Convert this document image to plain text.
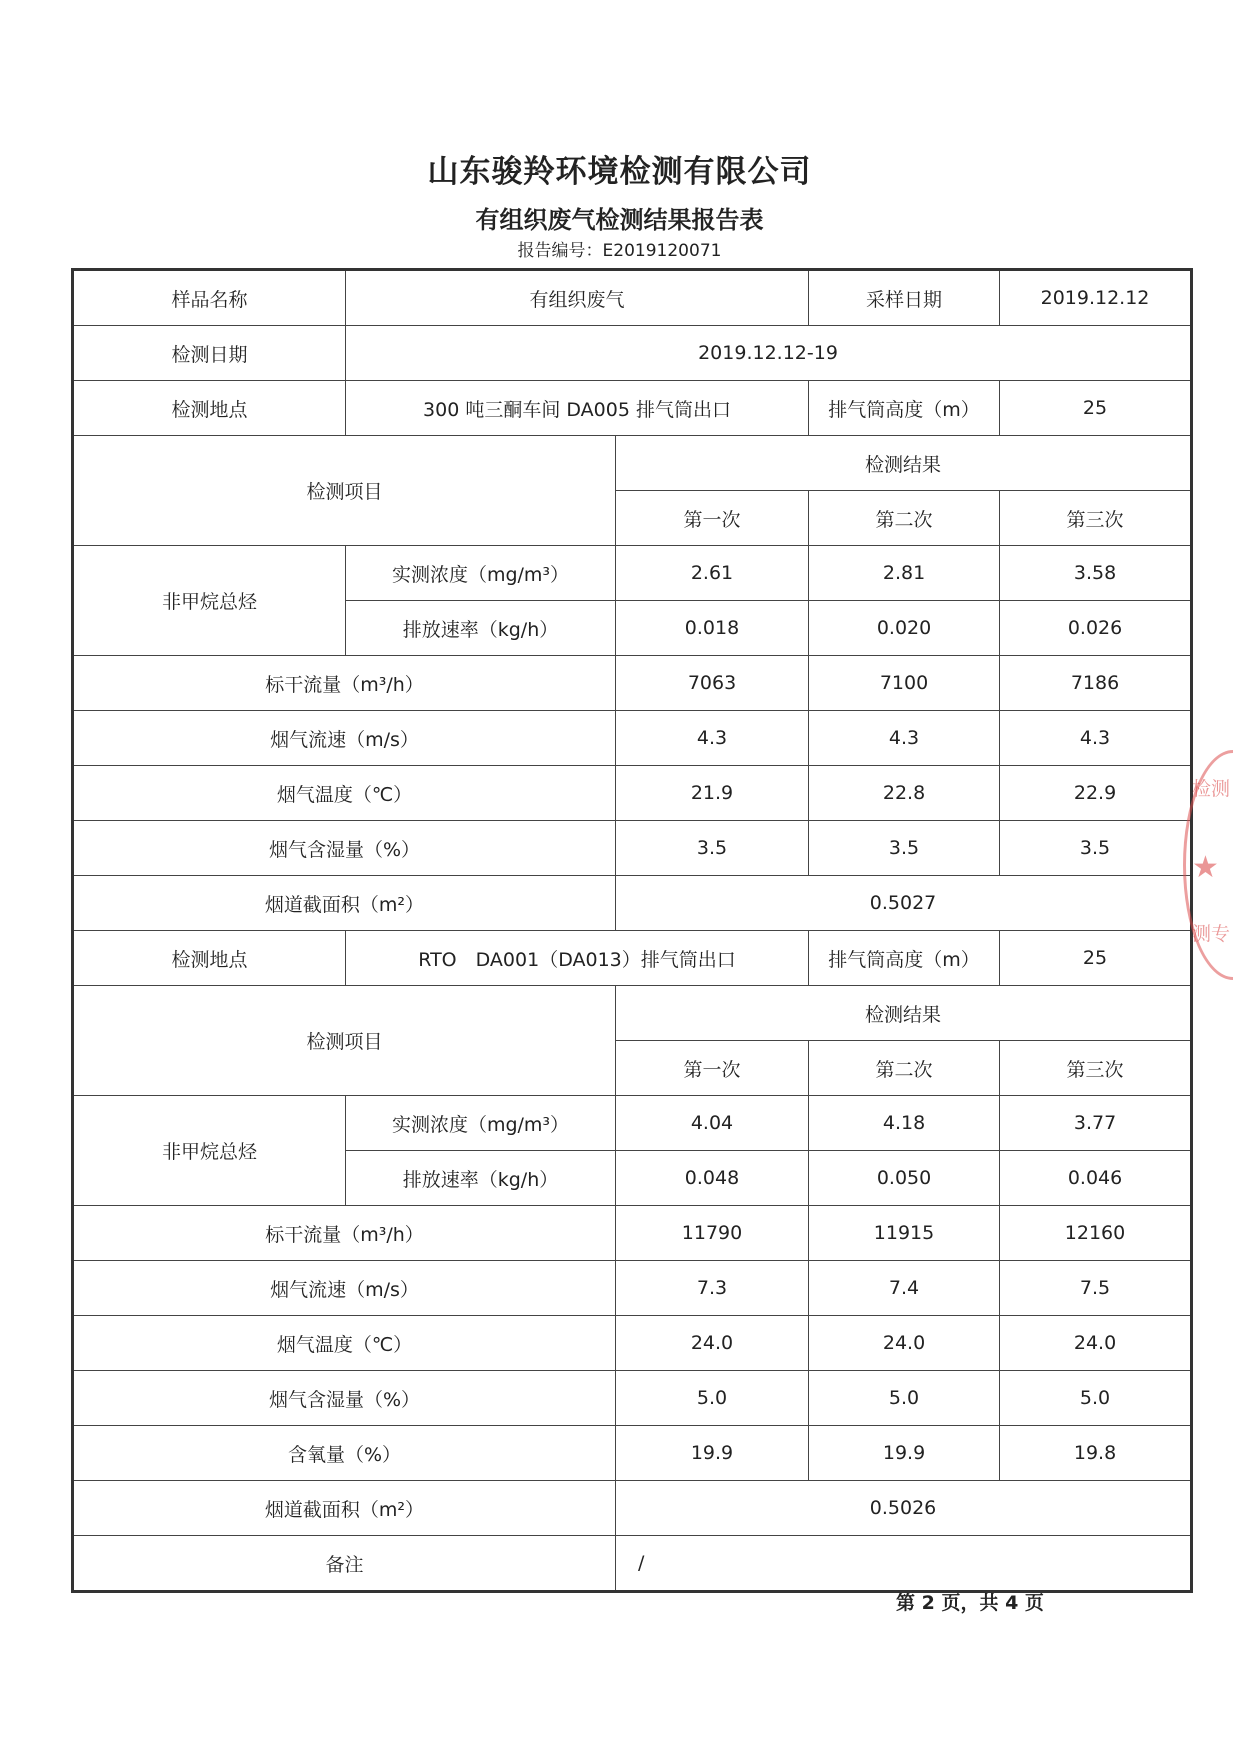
山东骏羚环境检测有限公司
有组织废气检测结果报告表
报告编号：E2019120071
样品名称	有组织废气		采样日期	2019.12.12
检测日期	2019.12.12-19			
检测地点	300 吨三酮车间 DA005 排气筒出口		排气筒高度（m）	25
检测项目		检测结果		
		第一次	第二次	第三次
非甲烷总烃	实测浓度（mg/m³）	2.61	2.81	3.58
	排放速率（kg/h）	0.018	0.020	0.026
标干流量（m³/h）		7063	7100	7186
烟气流速（m/s）		4.3	4.3	4.3
烟气温度（℃）		21.9	22.8	22.9
烟气含湿量（%）		3.5	3.5	3.5
烟道截面积（m²）		0.5027		
检测地点	RTO　DA001（DA013）排气筒出口		排气筒高度（m）	25
检测项目		检测结果		
		第一次	第二次	第三次
非甲烷总烃	实测浓度（mg/m³）	4.04	4.18	3.77
	排放速率（kg/h）	0.048	0.050	0.046
标干流量（m³/h）		11790	11915	12160
烟气流速（m/s）		7.3	7.4	7.5
烟气温度（℃）		24.0	24.0	24.0
烟气含湿量（%）		5.0	5.0	5.0
含氧量（%）		19.9	19.9	19.8
烟道截面积（m²）		0.5026		
备注		/		
检测
★
测专
第 2 页，共 4 页
